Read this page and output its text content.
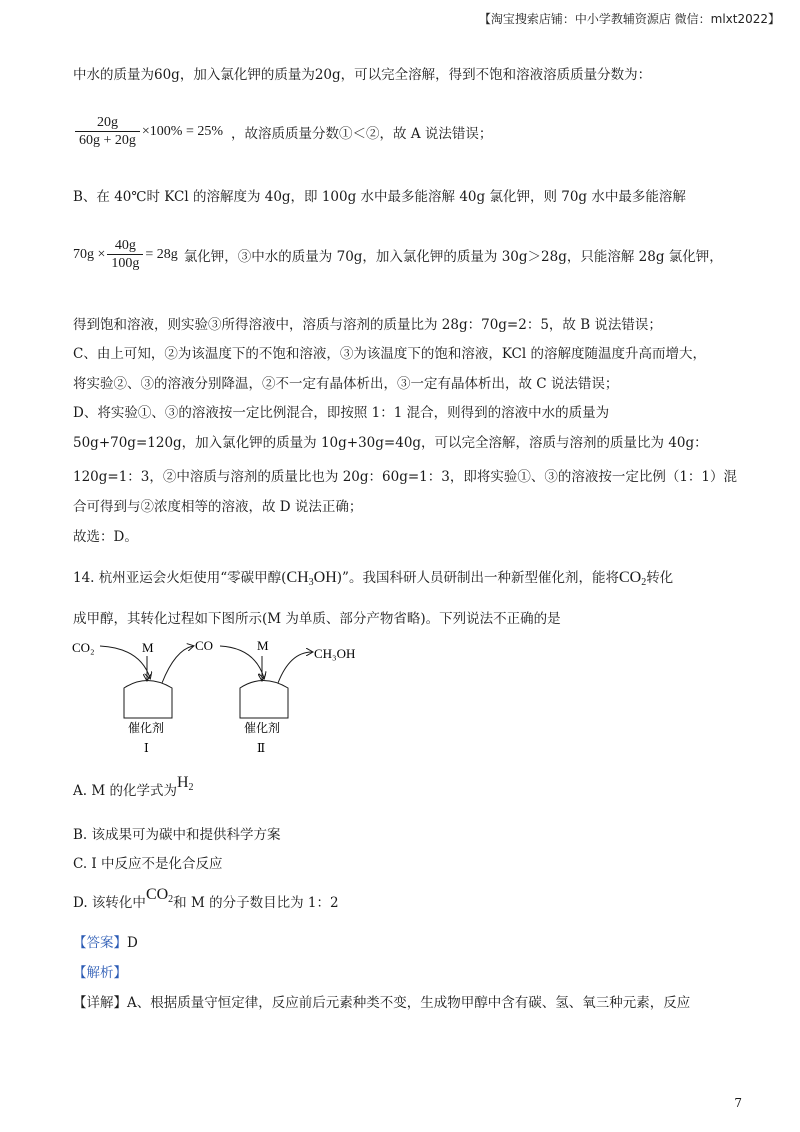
【淘宝搜索店铺：中小学教辅资源店 微信：mlxt2022】
中水的质量为60g，加入氯化钾的质量为20g，可以完全溶解，得到不饱和溶液溶质质量分数为：
$\frac{20g}{60g + 20g} \times 100\% = 25\%$ ，故溶质质量分数①＜②，故 A 说法错误；
B、在 40℃时 KCl 的溶解度为 40g，即 100g 水中最多能溶解 40g 氯化钾，则 70g 水中最多能溶解
$70g \times \frac{40g}{100g} = 28g$ 氯化钾，③中水的质量为 70g，加入氯化钾的质量为 30g＞28g，只能溶解 28g 氯化钾，
得到饱和溶液，则实验③所得溶液中，溶质与溶剂的质量比为 28g：70g=2：5，故 B 说法错误；
C、由上可知，②为该温度下的不饱和溶液，③为该温度下的饱和溶液，KCl 的溶解度随温度升高而增大，
将实验②、③的溶液分别降温，②不一定有晶体析出，③一定有晶体析出，故 C 说法错误；
D、将实验①、③的溶液按一定比例混合，即按照 1：1 混合，则得到的溶液中水的质量为
50g+70g=120g，加入氯化钾的质量为 10g+30g=40g，可以完全溶解，溶质与溶剂的质量比为 40g：
120g=1：3，②中溶质与溶剂的质量比也为 20g：60g=1：3，即将实验①、③的溶液按一定比例（1：1）混
合可得到与②浓度相等的溶液，故 D 说法正确；
故选：D。
14. 杭州亚运会火炬使用“零碳甲醇$(CH_3OH)$”。我国科研人员研制出一种新型催化剂，能将$CO_2$转化
成甲醇，其转化过程如下图所示(M 为单质、部分产物省略)。下列说法不正确的是
CO₂	M	CO	M
CH₃OH
催化剂
Ⅰ
催化剂
Ⅱ
A. M 的化学式为$H_2$
B. 该成果可为碳中和提供科学方案
C. Ⅰ 中反应不是化合反应
D. 该转化中$CO_2$和 M 的分子数目比为 1：2
【答案】D
【解析】
【详解】A、根据质量守恒定律，反应前后元素种类不变，生成物甲醇中含有碳、氢、氧三种元素，反应
7
